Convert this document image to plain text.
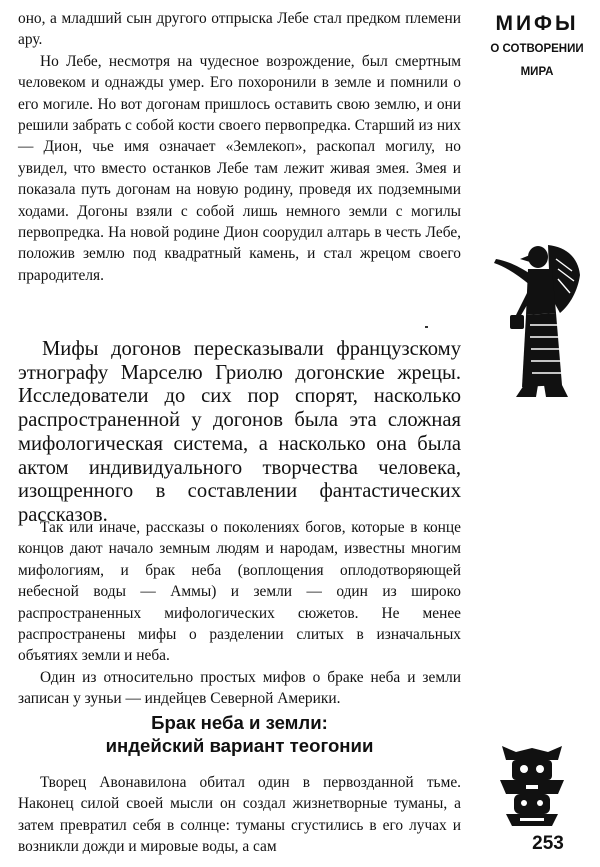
оно, а младший сын другого отпрыска Лебе стал предком племени ару.

Но Лебе, несмотря на чудесное возрождение, был смертным человеком и однажды умер. Его похоронили в земле и помнили о его могиле. Но вот догонам пришлось оставить свою землю, и они решили забрать с собой кости своего первопредка. Старший из них — Дион, чье имя означает «Землекоп», раскопал могилу, но увидел, что вместо останков Лебе там лежит живая змея. Змея и показала путь догонам на новую родину, проведя их подземными ходами. Догоны взяли с собой лишь немного земли с могилы первопредка. На новой родине Дион соорудил алтарь в честь Лебе, положив землю под квадратный камень, и стал жрецом своего прародителя.

Мифы догонов пересказывали французскому этнографу Марселю Гриолю догонские жрецы. Исследователи до сих пор спорят, насколько распространенной у догонов была эта сложная мифологическая система, а насколько она была актом индивидуального творчества человека, изощренного в составлении фантастических рассказов.

Так или иначе, рассказы о поколениях богов, которые в конце концов дают начало земным людям и народам, известны многим мифологиям, и брак неба (воплощения оплодотворяющей небесной воды — Аммы) и земли — один из широко распространенных мифологических сюжетов. Не менее распространены мифы о разделении слитых в изначальных объятиях земли и неба.

Один из относительно простых мифов о браке неба и земли записан у зуньи — индейцев Северной Америки.

Брак неба и земли:
индейский вариант теогонии

Творец Авонавилона обитал один в первозданной тьме. Наконец силой своей мысли он создал жизнетворные туманы, а затем превратил себя в солнце: туманы сгустились в его лучах и возникли дожди и мировые воды, а сам

МИФЫ
О СОТВОРЕНИИ
МИРА
253
